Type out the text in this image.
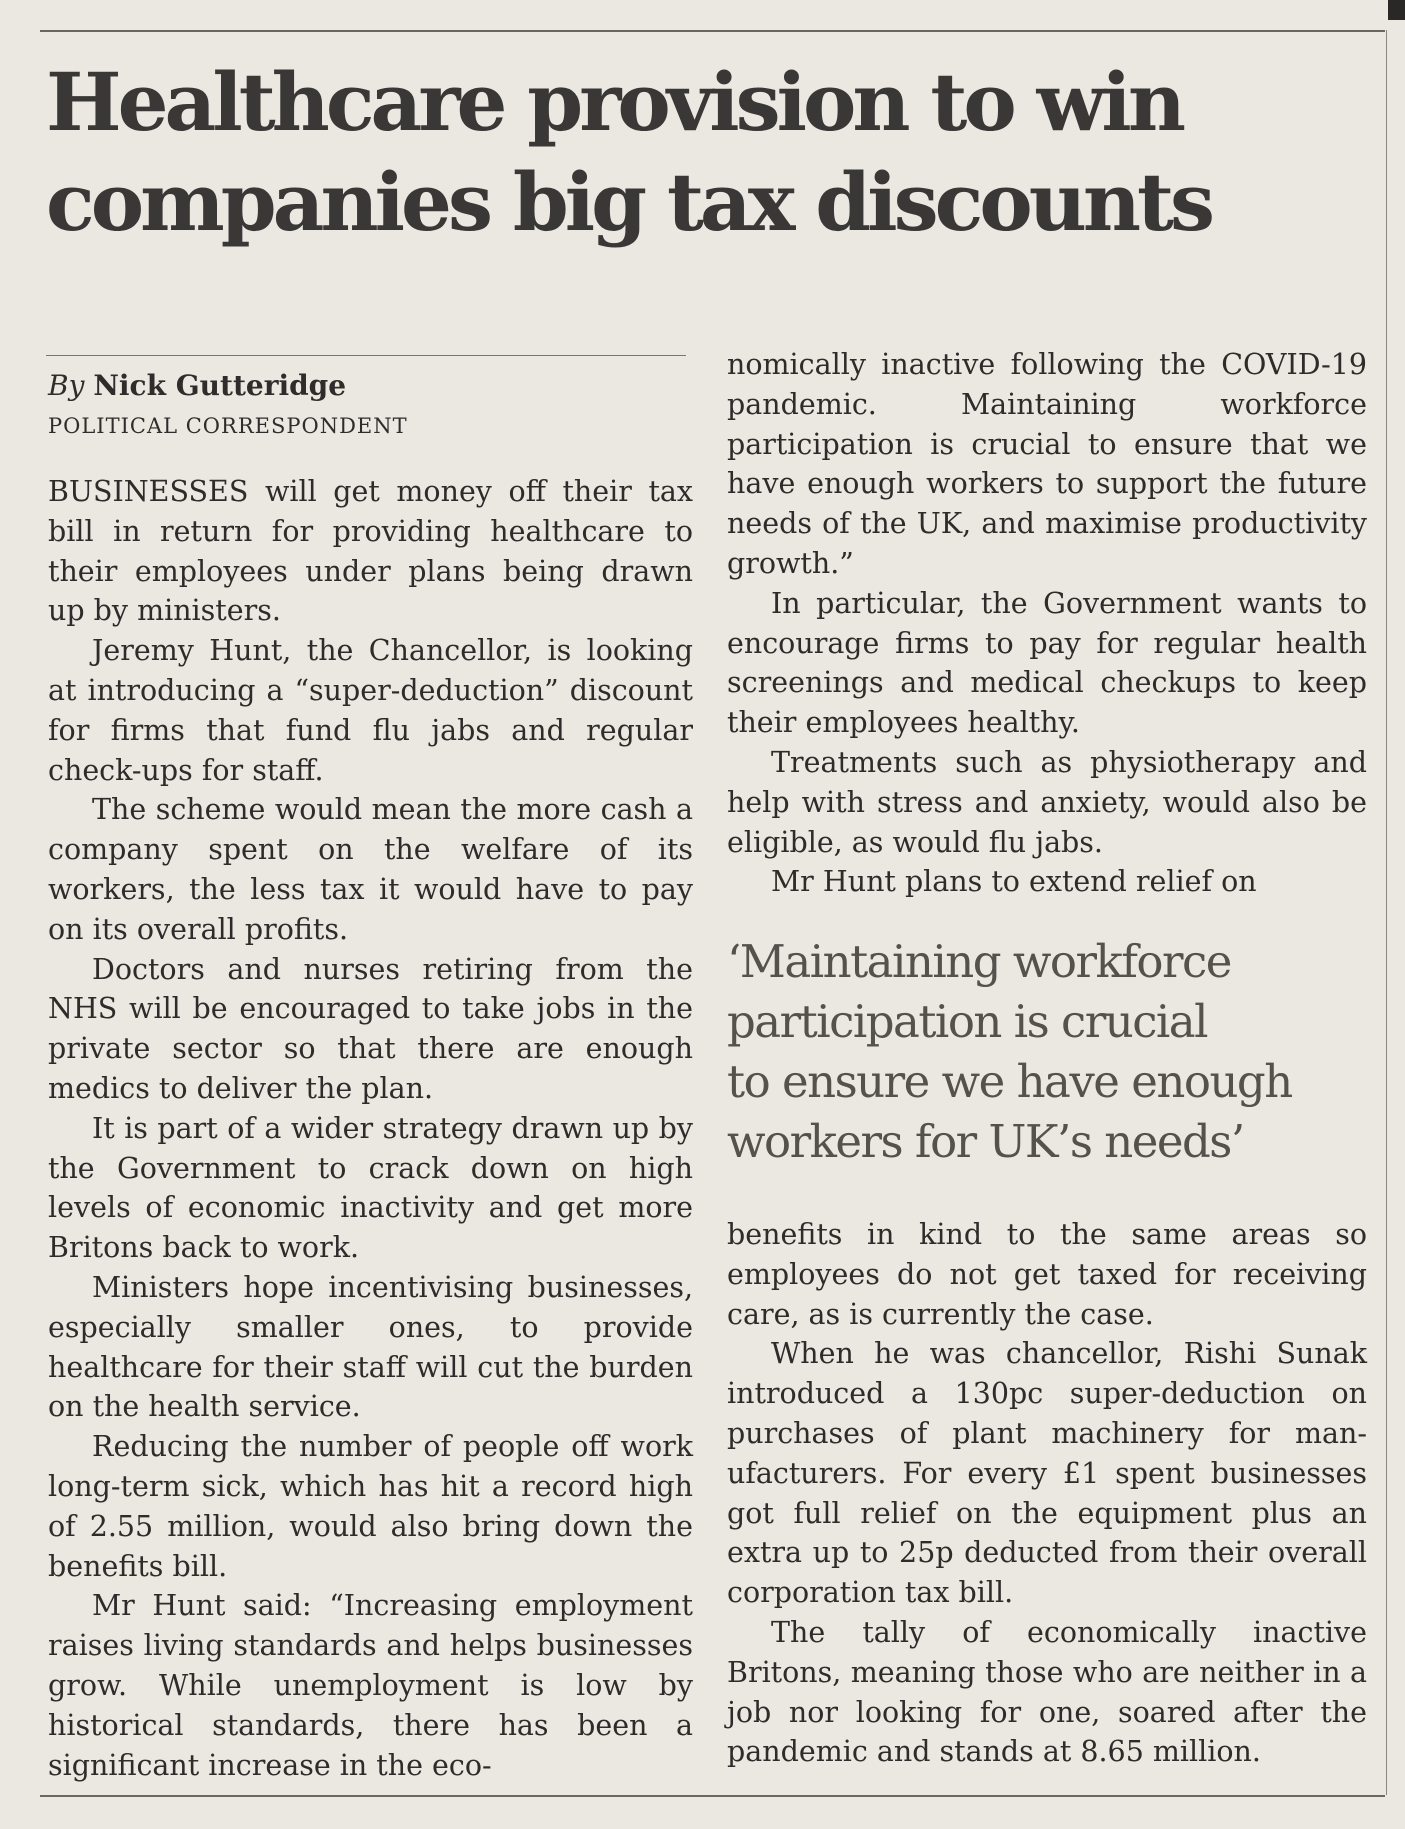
Healthcare provision to win
companies big tax discounts
By Nick Gutteridge
POLITICAL CORRESPONDENT

BUSINESSES will get money off their tax bill in return for providing healthcare to their employees under plans being drawn up by ministers.

Jeremy Hunt, the Chancellor, is looking at introducing a “super-deduction” discount for firms that fund flu jabs and regular check-ups for staff.

The scheme would mean the more cash a company spent on the welfare of its workers, the less tax it would have to pay on its overall profits.

Doctors and nurses retiring from the NHS will be encouraged to take jobs in the private sector so that there are enough medics to deliver the plan.

It is part of a wider strategy drawn up by the Government to crack down on high levels of economic inactivity and get more Britons back to work.

Ministers hope incentivising businesses, especially smaller ones, to provide healthcare for their staff will cut the burden on the health service.

Reducing the number of people off work long-term sick, which has hit a record high of 2.55 million, would also bring down the benefits bill.

Mr Hunt said: “Increasing employment raises living standards and helps businesses grow. While unemployment is low by historical standards, there has been a significant increase in the eco-

nomically inactive following the COVID-19 pandemic. Maintaining workforce participation is crucial to ensure that we have enough workers to support the future needs of the UK, and maximise productivity growth.”

In particular, the Government wants to encourage firms to pay for regular health screenings and medical checkups to keep their employees healthy.

Treatments such as physiotherapy and help with stress and anxiety, would also be eligible, as would flu jabs.

Mr Hunt plans to extend relief on

‘Maintaining workforce
participation is crucial
to ensure we have enough
workers for UK’s needs’

benefits in kind to the same areas so employees do not get taxed for receiving care, as is currently the case.

When he was chancellor, Rishi Sunak introduced a 130pc super-deduction on purchases of plant machinery for manufacturers. For every £1 spent businesses got full relief on the equipment plus an extra up to 25p deducted from their overall corporation tax bill.

The tally of economically inactive Britons, meaning those who are neither in a job nor looking for one, soared after the pandemic and stands at 8.65 million.
